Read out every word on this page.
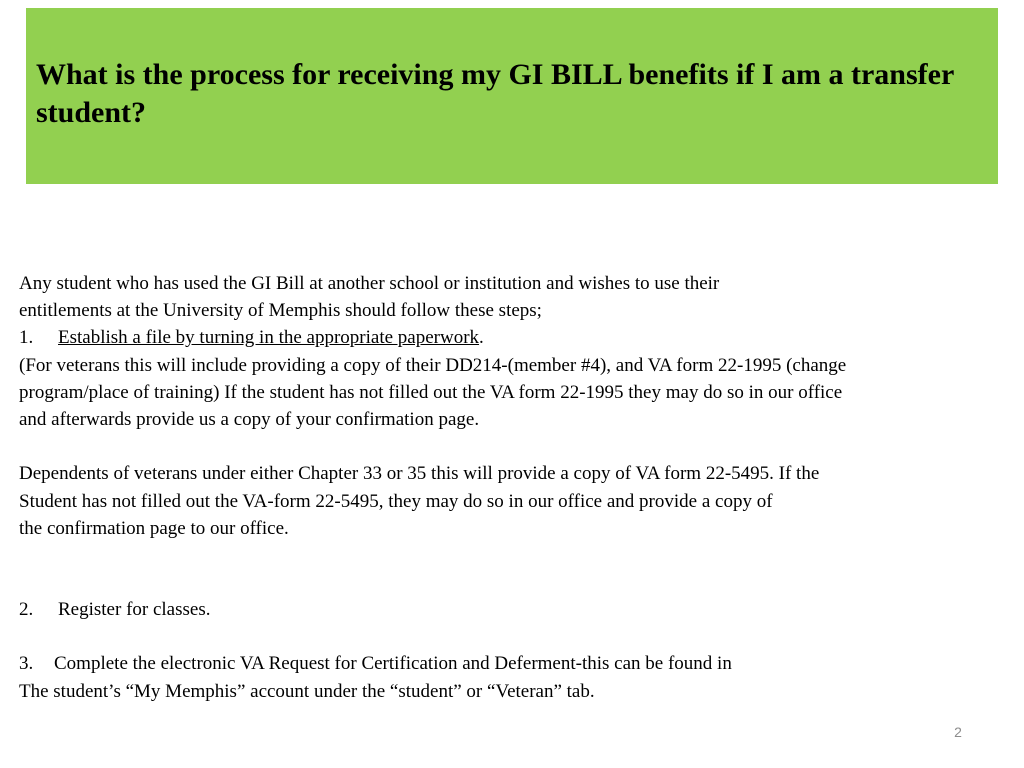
What is the process for receiving my GI BILL benefits if I am a transfer student?
Any student who has used the GI Bill at another school or institution and wishes to use their
entitlements at the University of Memphis should follow these steps;
1. Establish a file by turning in the appropriate paperwork.
(For veterans this will include providing a copy of their DD214-(member #4), and VA form 22-1995 (change
program/place of training) If the student has not filled out the VA form 22-1995 they may do so in our office
and afterwards provide us a copy of your confirmation page.
Dependents of veterans under either Chapter 33 or 35 this will provide a copy of VA form 22-5495. If the
Student has not filled out the VA-form 22-5495, they may do so in our office and provide a copy of
the confirmation page to our office.
2. Register for classes.
3. Complete the electronic VA Request for Certification and Deferment-this can be found in
The student’s “My Memphis” account under the “student” or “Veteran” tab.
2
